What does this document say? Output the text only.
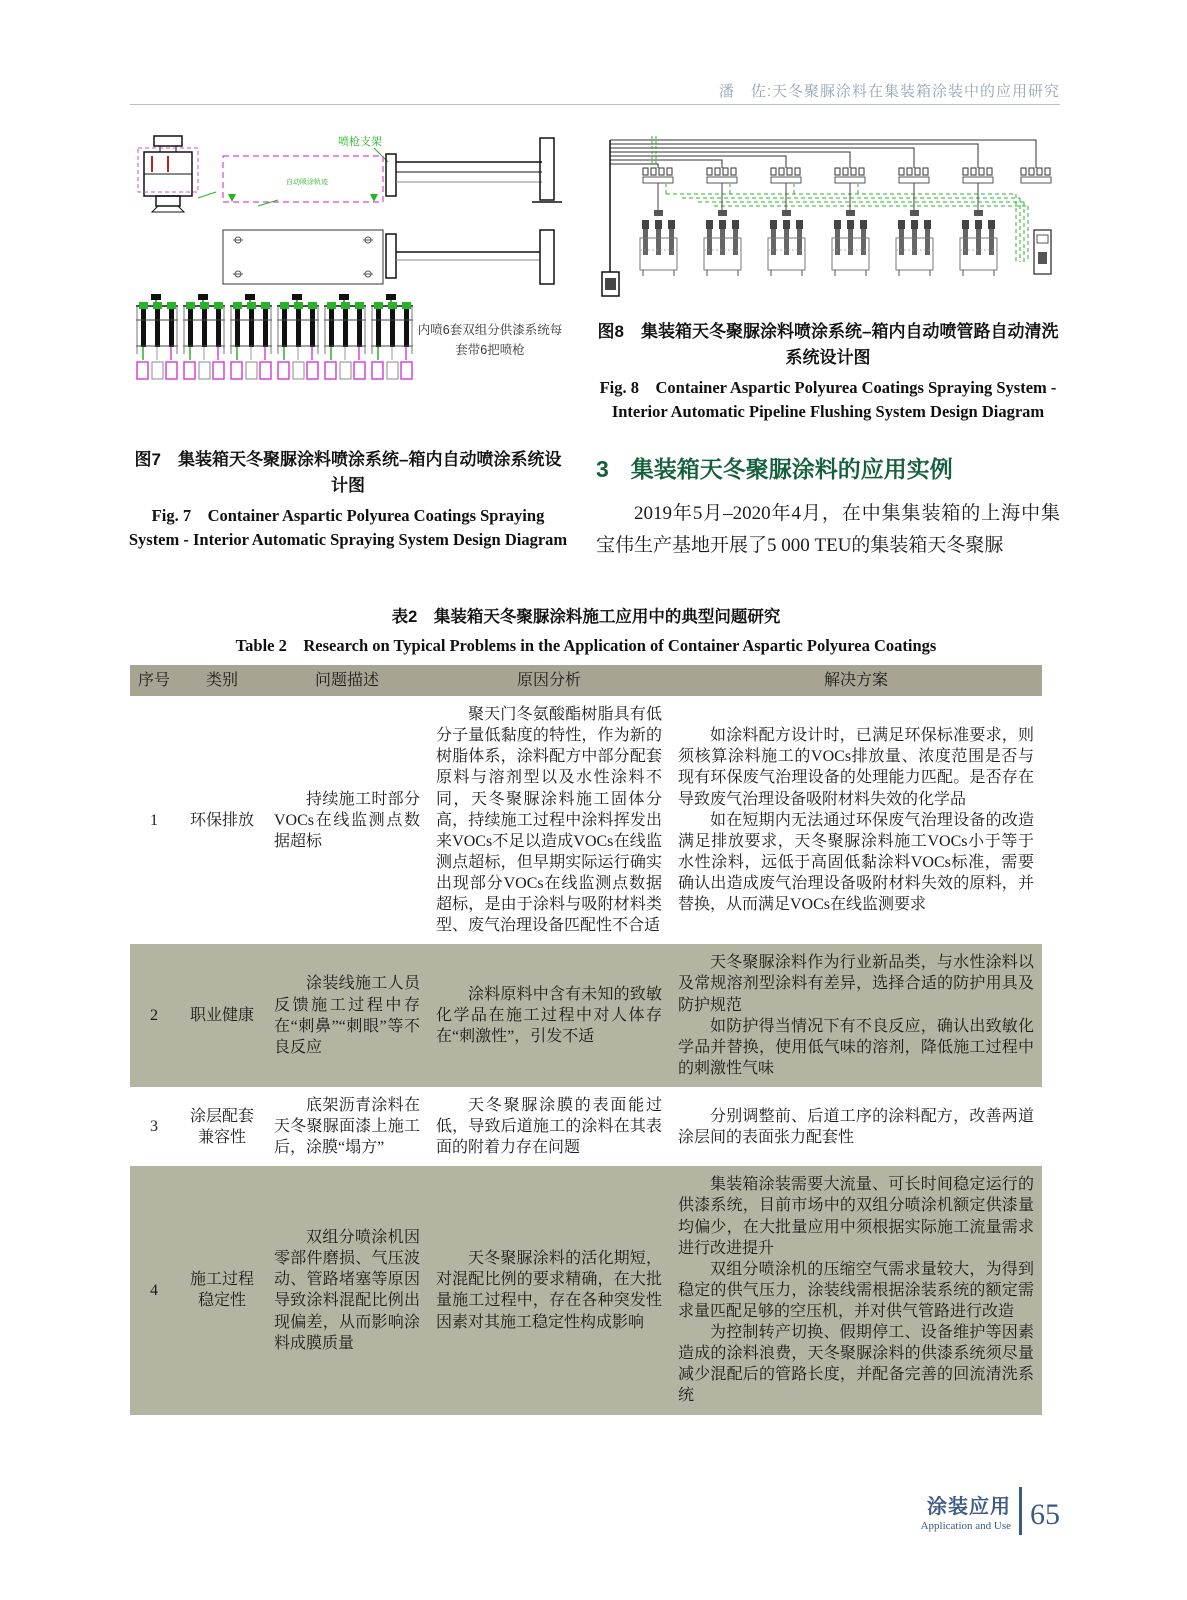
潘　佐:天冬聚脲涂料在集装箱涂装中的应用研究
喷枪支架
自动喷涂轨迹
内喷6套双组分供漆系统每
套带6把喷枪
图7　集装箱天冬聚脲涂料喷涂系统–箱内自动喷涂系统设计图
Fig. 7　Container Aspartic Polyurea Coatings Spraying System - Interior Automatic Spraying System Design Diagram
图8　集装箱天冬聚脲涂料喷涂系统–箱内自动喷管路自动清洗系统设计图
Fig. 8　Container Aspartic Polyurea Coatings Spraying System - Interior Automatic Pipeline Flushing System Design Diagram
3 集装箱天冬聚脲涂料的应用实例
2019年5月–2020年4月，在中集集装箱的上海中集宝伟生产基地开展了5 000 TEU的集装箱天冬聚脲
表2　集装箱天冬聚脲涂料施工应用中的典型问题研究
Table 2　Research on Typical Problems in the Application of Container Aspartic Polyurea Coatings
序号	类别	问题描述	原因分析	解决方案
1	环保排放	持续施工时部分VOCs在线监测点数据超标	聚天门冬氨酸酯树脂具有低分子量低黏度的特性，作为新的树脂体系，涂料配方中部分配套原料与溶剂型以及水性涂料不同，天冬聚脲涂料施工固体分高，持续施工过程中涂料挥发出来VOCs不足以造成VOCs在线监测点超标，但早期实际运行确实出现部分VOCs在线监测点数据超标，是由于涂料与吸附材料类型、废气治理设备匹配性不合适	如涂料配方设计时，已满足环保标准要求，则须核算涂料施工的VOCs排放量、浓度范围是否与现有环保废气治理设备的处理能力匹配。是否存在导致废气治理设备吸附材料失效的化学品

如在短期内无法通过环保废气治理设备的改造满足排放要求，天冬聚脲涂料施工VOCs小于等于水性涂料，远低于高固低黏涂料VOCs标准，需要确认出造成废气治理设备吸附材料失效的原料，并替换，从而满足VOCs在线监测要求

2	职业健康	涂装线施工人员反馈施工过程中存在“刺鼻”“刺眼”等不良反应	涂料原料中含有未知的致敏化学品在施工过程中对人体存在“刺激性”，引发不适	天冬聚脲涂料作为行业新品类，与水性涂料以及常规溶剂型涂料有差异，选择合适的防护用具及防护规范

如防护得当情况下有不良反应，确认出致敏化学品并替换，使用低气味的溶剂，降低施工过程中的刺激性气味

3	涂层配套兼容性	底架沥青涂料在天冬聚脲面漆上施工后，涂膜“塌方”	天冬聚脲涂膜的表面能过低，导致后道施工的涂料在其表面的附着力存在问题	分别调整前、后道工序的涂料配方，改善两道涂层间的表面张力配套性

4	施工过程稳定性	双组分喷涂机因零部件磨损、气压波动、管路堵塞等原因导致涂料混配比例出现偏差，从而影响涂料成膜质量	天冬聚脲涂料的活化期短，对混配比例的要求精确，在大批量施工过程中，存在各种突发性因素对其施工稳定性构成影响	集装箱涂装需要大流量、可长时间稳定运行的供漆系统，目前市场中的双组分喷涂机额定供漆量均偏少，在大批量应用中须根据实际施工流量需求进行改进提升

双组分喷涂机的压缩空气需求量较大，为得到稳定的供气压力，涂装线需根据涂装系统的额定需求量匹配足够的空压机，并对供气管路进行改造

为控制转产切换、假期停工、设备维护等因素造成的涂料浪费，天冬聚脲涂料的供漆系统须尽量减少混配后的管路长度，并配备完善的回流清洗系统

涂装应用
Application and Use 65
